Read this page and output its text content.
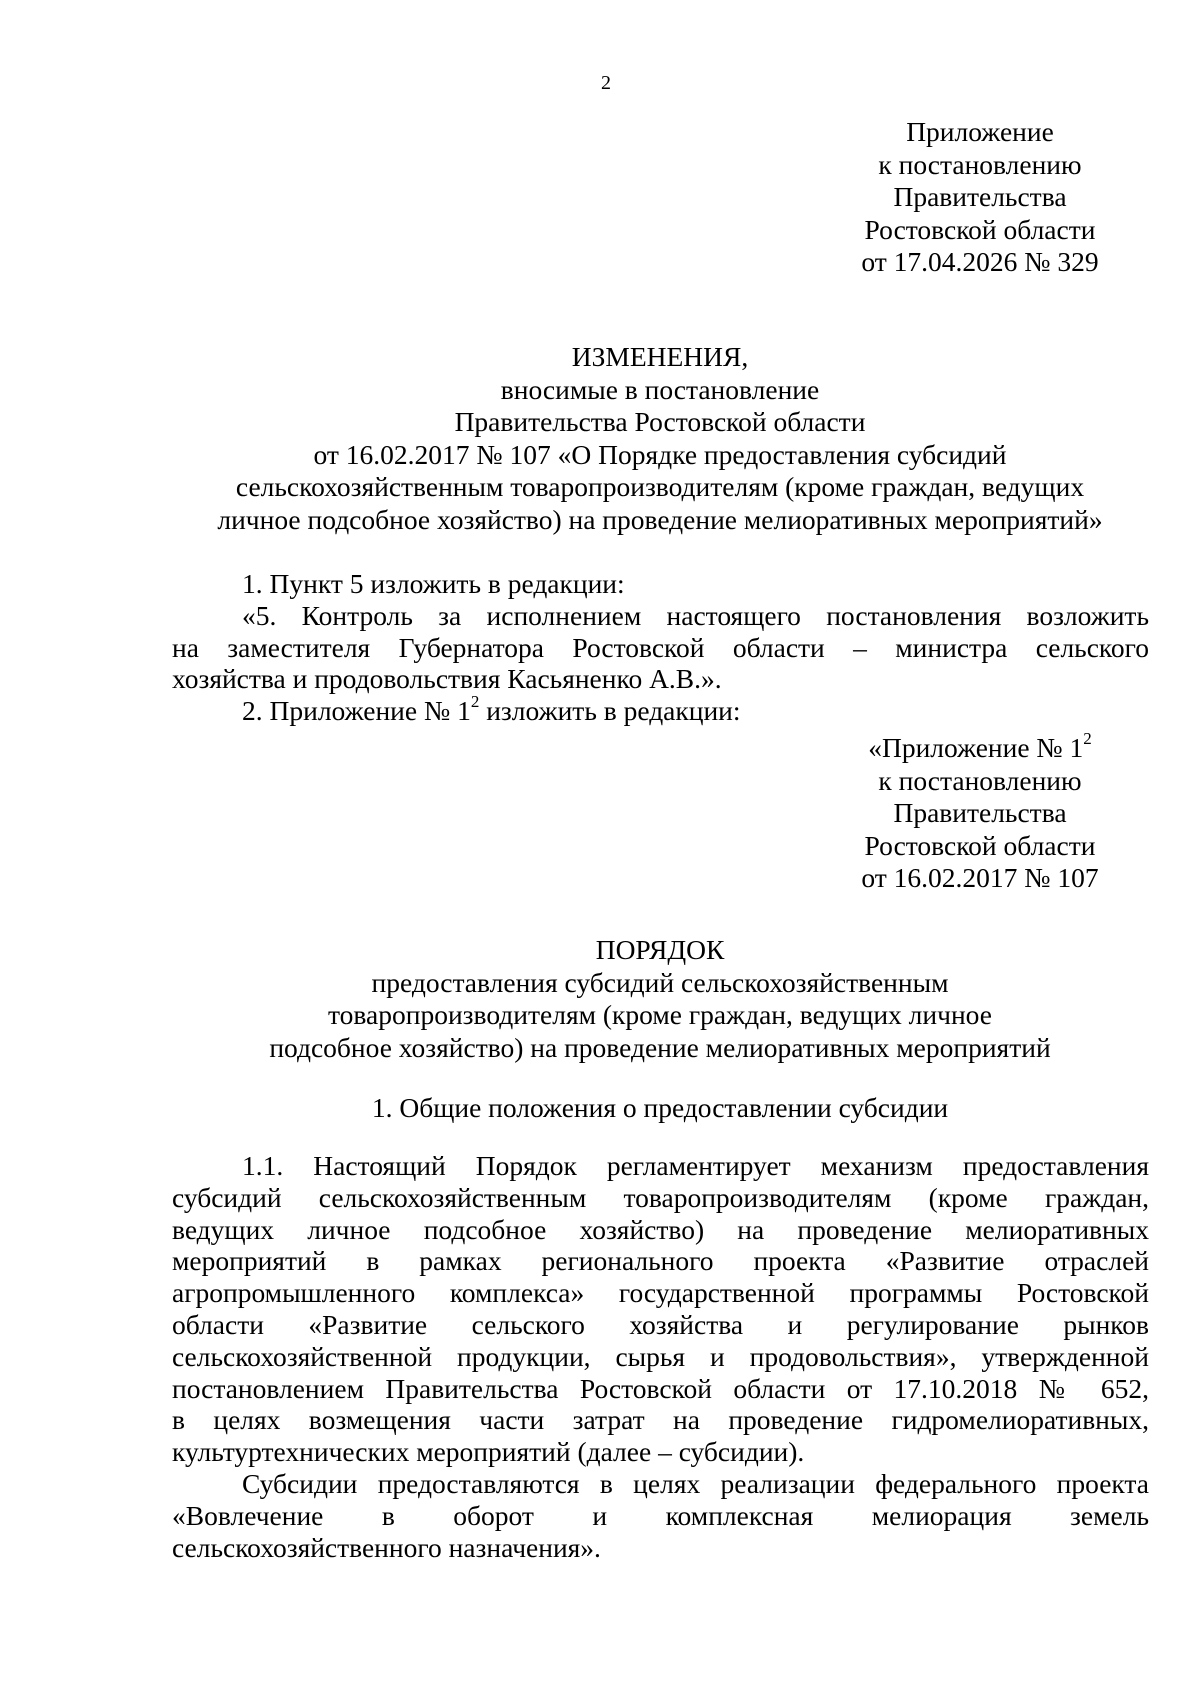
2
Приложение
к постановлению
Правительства
Ростовской области
от 17.04.2026 № 329
ИЗМЕНЕНИЯ,
вносимые в постановление
Правительства Ростовской области
от 16.02.2017 № 107 «О Порядке предоставления субсидий
сельскохозяйственным товаропроизводителям (кроме граждан, ведущих
личное подсобное хозяйство) на проведение мелиоративных мероприятий»
1. Пункт 5 изложить в редакции:
«5. Контроль за исполнением настоящего постановления возложить
на заместителя Губернатора Ростовской области – министра сельского
хозяйства и продовольствия Касьяненко А.В.».
2. Приложение № $1^2$ изложить в редакции:
«Приложение № $1^2$
к постановлению
Правительства
Ростовской области
от 16.02.2017 № 107
ПОРЯДОК
предоставления субсидий сельскохозяйственным
товаропроизводителям (кроме граждан, ведущих личное
подсобное хозяйство) на проведение мелиоративных мероприятий
1. Общие положения о предоставлении субсидии
1.1. Настоящий Порядок регламентирует механизм предоставления
субсидий сельскохозяйственным товаропроизводителям (кроме граждан,
ведущих личное подсобное хозяйство) на проведение мелиоративных
мероприятий в рамках регионального проекта «Развитие отраслей
агропромышленного комплекса» государственной программы Ростовской
области «Развитие сельского хозяйства и регулирование рынков
сельскохозяйственной продукции, сырья и продовольствия», утвержденной
постановлением Правительства Ростовской области от 17.10.2018 № 652,
в целях возмещения части затрат на проведение гидромелиоративных,
культуртехнических мероприятий (далее – субсидии).
Субсидии предоставляются в целях реализации федерального проекта
«Вовлечение в оборот и комплексная мелиорация земель
сельскохозяйственного назначения».
